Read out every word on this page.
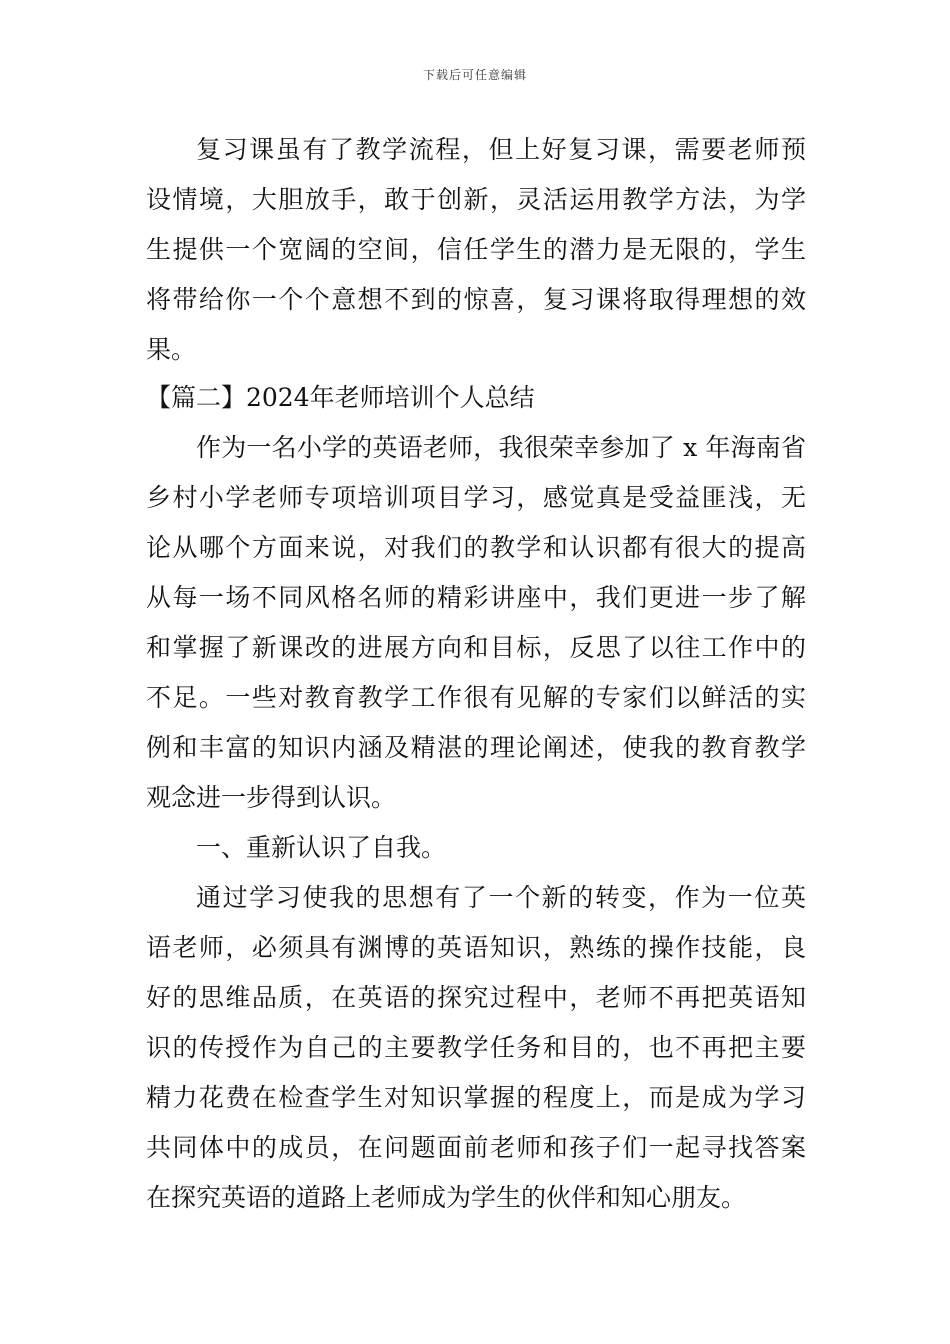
下载后可任意编辑
复习课虽有了教学流程，但上好复习课，需要老师预
设情境，大胆放手，敢于创新，灵活运用教学方法，为学
生提供一个宽阔的空间，信任学生的潜力是无限的，学生
将带给你一个个意想不到的惊喜，复习课将取得理想的效
果。
【篇二】2024年老师培训个人总结
作为一名小学的英语老师，我很荣幸参加了 x 年海南省
乡村小学老师专项培训项目学习，感觉真是受益匪浅，无
论从哪个方面来说，对我们的教学和认识都有很大的提高
从每一场不同风格名师的精彩讲座中，我们更进一步了解
和掌握了新课改的进展方向和目标，反思了以往工作中的
不足。一些对教育教学工作很有见解的专家们以鲜活的实
例和丰富的知识内涵及精湛的理论阐述，使我的教育教学
观念进一步得到认识。
一、重新认识了自我。
通过学习使我的思想有了一个新的转变，作为一位英
语老师，必须具有渊博的英语知识，熟练的操作技能，良
好的思维品质，在英语的探究过程中，老师不再把英语知
识的传授作为自己的主要教学任务和目的，也不再把主要
精力花费在检查学生对知识掌握的程度上，而是成为学习
共同体中的成员，在问题面前老师和孩子们一起寻找答案
在探究英语的道路上老师成为学生的伙伴和知心朋友。
